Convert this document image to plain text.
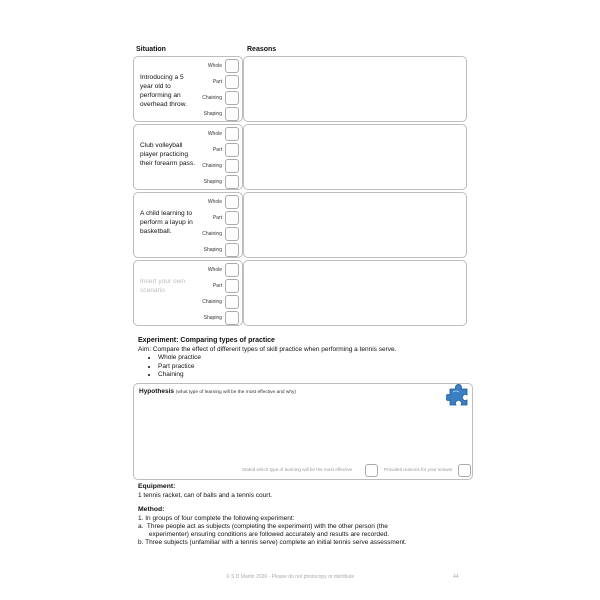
Situation	Reasons
Introducing a 5 year old to performing an overhead throw.
Whole
Part
Chaining
Shaping
Club volleyball player practicing their forearm pass.
Whole
Part
Chaining
Shaping
A child learning to perform a layup in basketball.
Whole
Part
Chaining
Shaping
Insert your own scenario
Whole
Part
Chaining
Shaping
Experiment: Comparing types of practice
Aim: Compare the effect of different types of skill practice when performing a tennis serve.
• Whole practice
• Part practice
• Chaining
Hypothesis (what type of learning will be the most effective and why)
Stated which type of learning will be the most effective	Provided reasons for your answer
Equipment:
1 tennis racket, can of balls and a tennis court.
Method:
1. In groups of four complete the following experiment:
a.  Three people act as subjects (completing the experiment) with the other person (the
experimenter) ensuring conditions are followed accurately and results are recorded.
b. Three subjects (unfamiliar with a tennis serve) complete an initial tennis serve assessment.
© S D Martin 2026 - Please do not photocopy or distribute	44
